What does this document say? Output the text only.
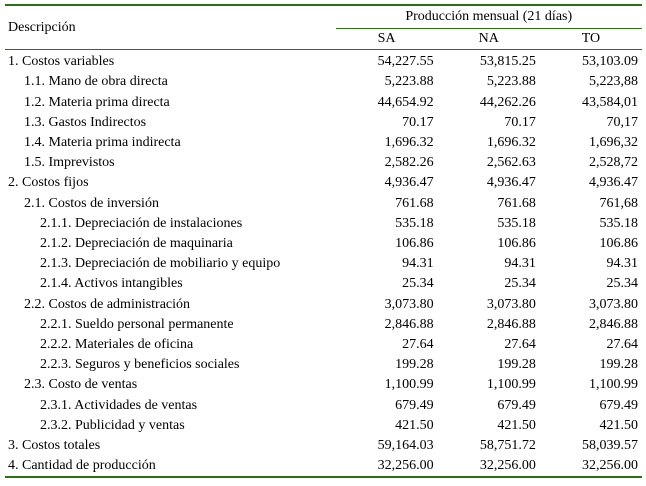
Descripción	Producción mensual (21 días)		
	SA	NA	TO
1. Costos variables	54,227.55	53,815.25	53,103.09
1.1. Mano de obra directa	5,223.88	5,223.88	5,223,88
1.2. Materia prima directa	44,654.92	44,262.26	43,584,01
1.3. Gastos Indirectos	70.17	70.17	70,17
1.4. Materia prima indirecta	1,696.32	1,696.32	1,696,32
1.5. Imprevistos	2,582.26	2,562.63	2,528,72
2. Costos fijos	4,936.47	4,936.47	4,936.47
2.1. Costos de inversión	761.68	761.68	761,68
2.1.1. Depreciación de instalaciones	535.18	535.18	535.18
2.1.2. Depreciación de maquinaria	106.86	106.86	106.86
2.1.3. Depreciación de mobiliario y equipo	94.31	94.31	94.31
2.1.4. Activos intangibles	25.34	25.34	25.34
2.2. Costos de administración	3,073.80	3,073.80	3,073.80
2.2.1. Sueldo personal permanente	2,846.88	2,846.88	2,846.88
2.2.2. Materiales de oficina	27.64	27.64	27.64
2.2.3. Seguros y beneficios sociales	199.28	199.28	199.28
2.3. Costo de ventas	1,100.99	1,100.99	1,100.99
2.3.1. Actividades de ventas	679.49	679.49	679.49
2.3.2. Publicidad y ventas	421.50	421.50	421.50
3. Costos totales	59,164.03	58,751.72	58,039.57
4. Cantidad de producción	32,256.00	32,256.00	32,256.00
